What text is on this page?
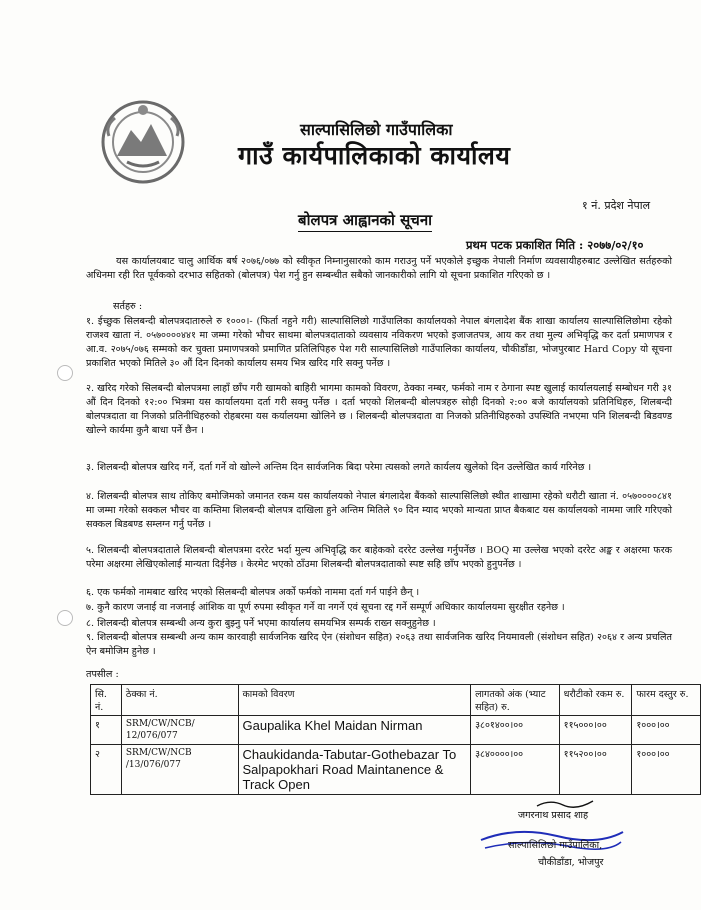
साल्पासिलिछो गाउँपालिका
गाउँ कार्यपालिकाको कार्यालय
१ नं. प्रदेश नेपाल
बोलपत्र आह्वानको सूचना
प्रथम पटक प्रकाशित मिति : २०७७/०२/१०
यस कार्यालयबाट चालु आर्थिक बर्ष २०७६/०७७ को स्वीकृत निम्नानुसारको काम गराउनु पर्ने भएकोले इच्छुक नेपाली निर्माण व्यवसायीहरुबाट उल्लेखित सर्तहरुको अधिनमा रही रित पूर्वकको दरभाउ सहितको (बोलपत्र) पेश गर्नु हुन सम्बन्धीत सबैको जानकारीको लागि यो सूचना प्रकाशित गरिएको छ ।
सर्तहरु :
१. ईच्छुक सिलबन्दी बोलपत्रदातारुले रु १०००।- (फिर्ता नहुने गरी) साल्पासिलिछो गाउँपालिका कार्यालयको नेपाल बंगलादेश बैंक शाखा कार्यालय साल्पासिलिछोमा रहेको राजश्व खाता नं. ०५७००००४४१ मा जम्मा गरेको भौचर साथमा बोलपत्रदाताको व्यवसाय नविकरण भएको इजाजतपत्र, आय कर तथा मुल्य अभिवृद्धि कर दर्ता प्रमाणपत्र र आ.व. २०७५/०७६ सम्मको कर चुक्ता प्रमाणपत्रको प्रमाणित प्रतिलिपिहरु पेश गरी साल्पासिलिछो गाउँपालिका कार्यालय, चौकीडाँडा, भोजपुरबाट Hard Copy यो सूचना प्रकाशित भएको मितिले ३० औं दिन दिनको कार्यालय समय भित्र खरिद गरि सक्नु पर्नेछ ।
२. खरिद गरेको सिलबन्दी बोलपत्रमा लाहाँ छाँप गरी खामको बाहिरी भागमा कामको विवरण, ठेक्का नम्बर, फर्मको नाम र ठेगाना स्पष्ट खुलाई कार्यालयलाई सम्बोधन गरी ३१ औं दिन दिनको १२:०० भित्रमा यस कार्यालयमा दर्ता गरी सक्नु पर्नेछ । दर्ता भएको शिलबन्दी बोलपत्रहरु सोही दिनको २:०० बजे कार्यालयको प्रतिनिधिहरु, शिलबन्दी बोलपत्रदाता वा निजको प्रतिनीधिहरुको रोहबरमा यस कर्यालयमा खोलिने छ । शिलबन्दी बोलपत्रदाता वा निजको प्रतिनीधिहरुको उपस्थिति नभएमा पनि शिलबन्दी बिडवण्ड खोल्ने कार्यमा कुनै बाधा पर्ने छैन ।
३. शिलबन्दी बोलपत्र खरिद गर्ने, दर्ता गर्ने वो खोल्ने अन्तिम दिन सार्वजनिक बिदा परेमा त्यसको लगते कार्यलय खुलेको दिन उल्लेखित कार्य गरिनेछ ।
४. शिलबन्दी बोलपत्र साथ तोकिए बमोजिमको जमानत रकम यस कार्यालयको नेपाल बंगलादेश बैंकको साल्पासिलिछो स्थीत शाखामा रहेको धरौटी खाता नं. ०५७००००८४१ मा जम्मा गरेको सक्कल भौचर वा कम्तिमा शिलबन्दी बोलपत्र दाखिला हुने अन्तिम मितिले ९० दिन म्याद भएको मान्यता प्राप्त बैकबाट यस कार्यालयको नाममा जारि गरिएको सक्कल बिडबण्ड सम्लग्न गर्नु पर्नेछ ।
५. शिलबन्दी बोलपत्रदाताले शिलबन्दी बोलपत्रमा दररेट भर्दा मुल्य अभिवृद्धि कर बाहेकको दररेट उल्लेख गर्नुपर्नेछ । BOQ मा उल्लेख भएको दररेट अङ्क र अक्षरमा फरक परेमा अक्षरमा लेखिएकोलाई मान्यता दिईनेछ । केरमेट भएको ठाँउमा शिलबन्दी बोलपत्रदाताको स्पष्ट सहि छाँप भएको हुनुपर्नेछ ।
६. एक फर्मको नामबाट खरिद भएको सिलबन्दी बोलपत्र अर्को फर्मको नाममा दर्ता गर्न पाईने छैन् ।
७. कुनै कारण जनाई वा नजनाई आंशिक वा पूर्ण रुपमा स्वीकृत गर्ने वा नगर्ने एवं सूचना रद्द गर्ने सम्पूर्ण अधिकार कार्यालयमा सुरक्षीत रहनेछ ।
८. शिलबन्दी बोलपत्र सम्बन्धी अन्य कुरा बुझ्नु पर्ने भएमा कार्यालय समयभित्र सम्पर्क राख्न सक्नुहुनेछ ।
९. शिलबन्दी बोलपत्र सम्बन्धी अन्य काम कारवाही सार्वजनिक खरिद ऐन (संशोधन सहित) २०६३ तथा सार्वजनिक खरिद नियमावली (संशोधन सहित) २०६४ र अन्य प्रचलित ऐन बमोजिम हुनेछ ।
तपसील :
सि. नं.	ठेक्का नं.	कामको विवरण	लागतको अंक (भ्याट सहित) रु.	धरौटीको रकम रु.	फारम दस्तुर रु.
१	SRM/CW/NCB/ 12/076/077	Gaupalika Khel Maidan Nirman	३८०१४००।००	११५०००।००	१०००।००
२	SRM/CW/NCB /13/076/077	Chaukidanda-Tabutar-Gothebazar To Salpapokhari Road Maintanence & Track Open	३८४००००।००	११५२००।००	१०००।००
जगरनाथ प्रसाद शाह
साल्पासिलिछो गाउँपालिका,
चौकीडाँडा, भोजपुर
